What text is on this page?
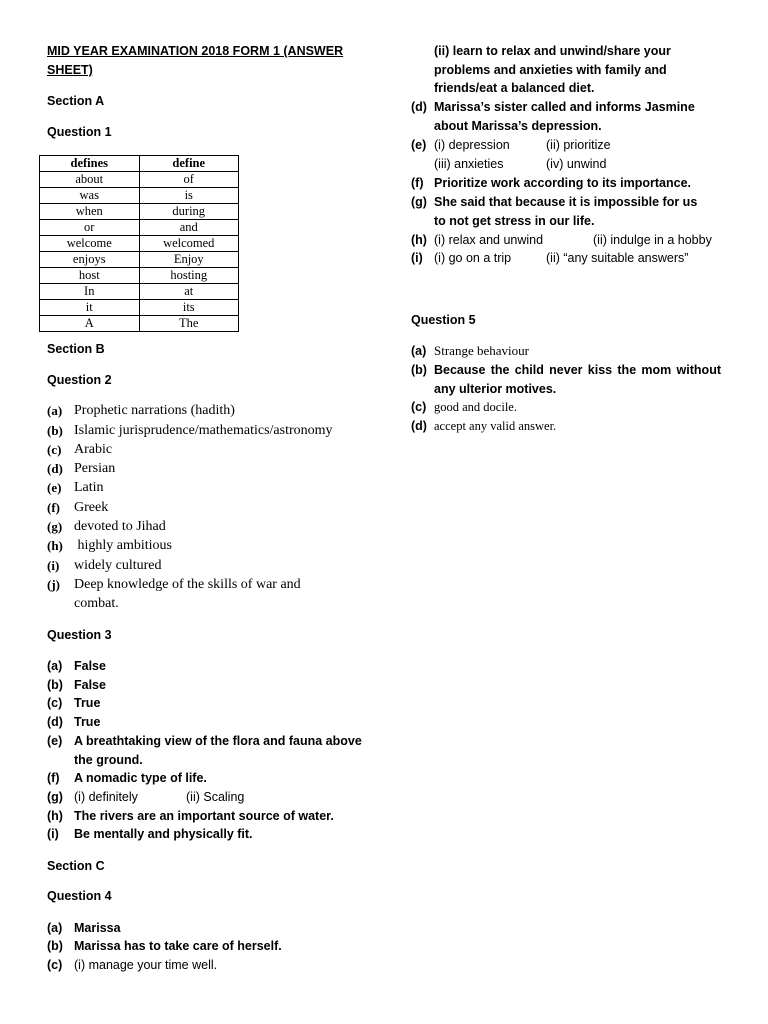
MID YEAR EXAMINATION 2018 FORM 1 (ANSWER SHEET)
Section A
Question 1
defines	define
about	of
was	is
when	during
or	and
welcome	welcomed
enjoys	Enjoy
host	hosting
In	at
it	its
A	The
Section B
Question 2
(a) Prophetic narrations (hadith)
(b) Islamic jurisprudence/mathematics/astronomy
(c) Arabic
(d) Persian
(e) Latin
(f)	Greek
(g) devoted to Jihad
(h) highly ambitious
(i)	widely cultured
(j)	Deep knowledge of the skills of war and combat.
Question 3
(a) False
(b) False
(c) True
(d) True
(e) A breathtaking view of the flora and fauna above the ground.
(f)	A nomadic type of life.
(g) (i) definitely	(ii) Scaling
(h) The rivers are an important source of water.
(i)	Be mentally and physically fit.
Section C
Question 4
(a) Marissa
(b) Marissa has to take care of herself.
(c) (i) manage your time well.
(ii) learn to relax and unwind/share your problems and anxieties with family and friends/eat a balanced diet.
(d) Marissa’s sister called and informs Jasmine about Marissa’s depression.
(e) (i) depression	(ii) prioritize
(iii) anxieties	(iv) unwind
(f) Prioritize work according to its importance.
(g) She said that because it is impossible for us to not get stress in our life.
(h) (i) relax and unwind	(ii) indulge in a hobby
(i) (i) go on a trip	(ii) “any suitable answers”
Question 5
(a) Strange behaviour
(b) Because the child never kiss the mom without any ulterior motives.
(c) good and docile.
(d) accept any valid answer.
